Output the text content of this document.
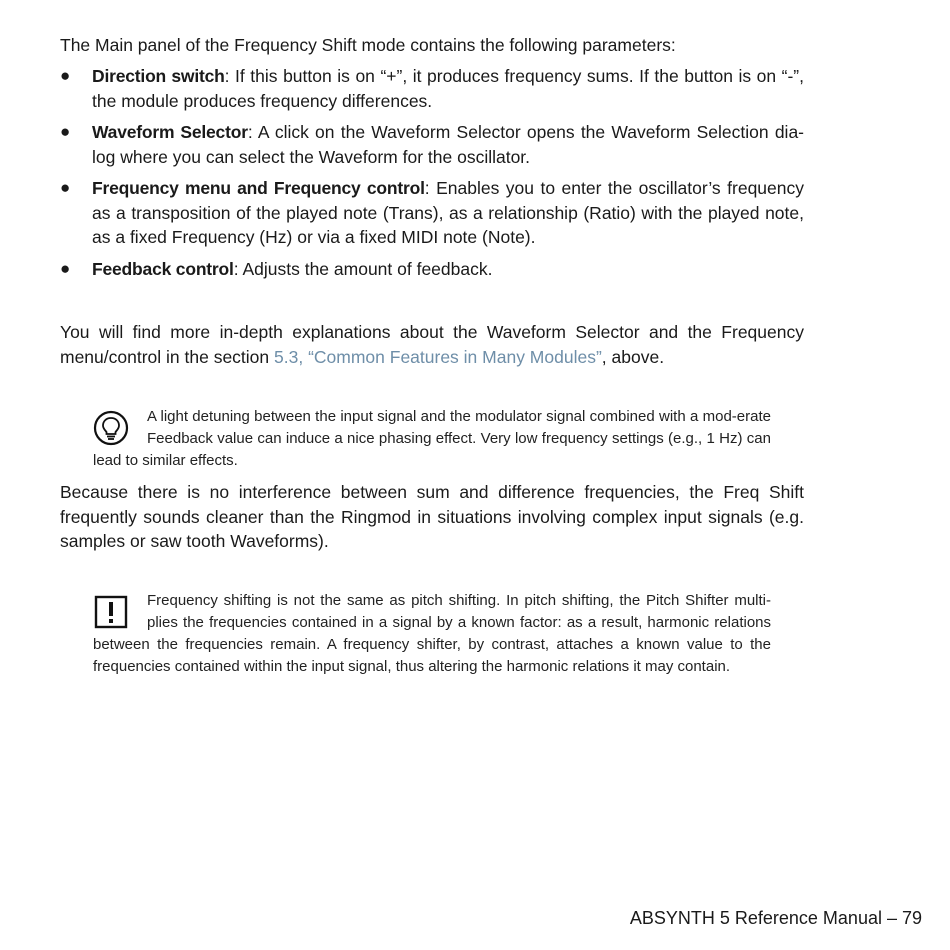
The Main panel of the Frequency Shift mode contains the following parameters:
● Direction switch: If this button is on “+”, it produces frequency sums. If the button is on “-”, the module produces frequency differences.
● Waveform Selector: A click on the Waveform Selector opens the Waveform Selection dia-log where you can select the Waveform for the oscillator.
● Frequency menu and Frequency control: Enables you to enter the oscillator’s frequency as a transposition of the played note (Trans), as a relationship (Ratio) with the played note, as a fixed Frequency (Hz) or via a fixed MIDI note (Note).
● Feedback control: Adjusts the amount of feedback.
You will find more in-depth explanations about the Waveform Selector and the Frequency menu/control in the section 5.3, “Common Features in Many Modules”, above.
A light detuning between the input signal and the modulator signal combined with a mod-erate Feedback value can induce a nice phasing effect. Very low frequency settings (e.g., 1 Hz) can lead to similar effects.
Because there is no interference between sum and difference frequencies, the Freq Shift frequently sounds cleaner than the Ringmod in situations involving complex input signals (e.g. samples or saw tooth Waveforms).
Frequency shifting is not the same as pitch shifting. In pitch shifting, the Pitch Shifter multi-plies the frequencies contained in a signal by a known factor: as a result, harmonic relations between the frequencies remain. A frequency shifter, by contrast, attaches a known value to the frequencies contained within the input signal, thus altering the harmonic relations it may contain.
ABSYNTH 5 Reference Manual – 79
